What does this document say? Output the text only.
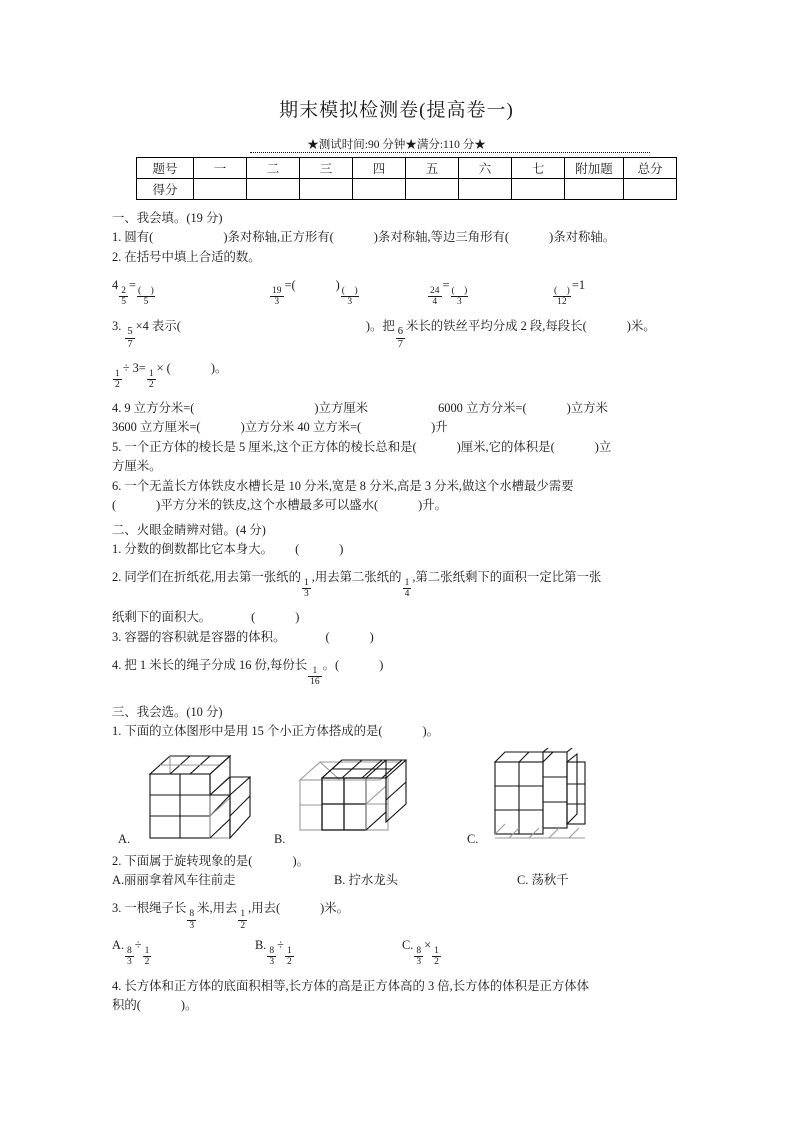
期末模拟检测卷(提高卷一)
★测试时间:90 分钟★满分:110 分★
题号	一	二	三	四	五	六	七	附加题	总分
得分									
一、我会填。(19 分)
1. 圆有(	)条对称轴,正方形有(	)条对称轴,等边三角形有(	)条对称轴。
2. 在括号中填上合适的数。
4
$\frac{2}{5}$
=
$\frac{( )}{5}$	$\frac{19}{3}$
=(	)
$\frac{( )}{3}$	$\frac{24}{4}$
=
$\frac{( )}{3}$	$\frac{( )}{12}$
=1
3.
$\frac{5}{7}$
×4 表示(	)。把
$\frac{6}{7}$
米长的铁丝平均分成 2 段,每段长(	)米。
$\frac{1}{2}$
÷ 3=
$\frac{1}{2}$
× (	)。
4. 9 立方分米=(	)立方厘米	6000 立方分米=(	)立方米
3600 立方厘米=(	)立方分米 40 立方米=(	)升
5. 一个正方体的棱长是 5 厘米,这个正方体的棱长总和是(	)厘米,它的体积是(	)立
方厘米。
6. 一个无盖长方体铁皮水槽长是 10 分米,宽是 8 分米,高是 3 分米,做这个水槽最少需要
(	)平方分米的铁皮,这个水槽最多可以盛水(	)升。
二、火眼金睛辨对错。(4 分)
1. 分数的倒数都比它本身大。 (	)
2. 同学们在折纸花,用去第一张纸的
$\frac{1}{3}$
,用去第二张纸的
$\frac{1}{4}$
,第二张纸剩下的面积一定比第一张
纸剩下的面积大。	(	)
3. 容器的容积就是容器的体积。	(	)
4. 把 1 米长的绳子分成 16 份,每份长
$\frac{1}{16}$
。(	)
三、我会选。(10 分)
1. 下面的立体图形中是用 15 个小正方体搭成的是(	)。
A.	B.	C.
2. 下面属于旋转现象的是(	)。
A.丽丽拿着风车往前走	B. 拧水龙头	C. 荡秋千
3. 一根绳子长
$\frac{8}{3}$
米,用去
$\frac{1}{2}$
,用去(	)米。
A.
$\frac{8}{3}$
÷
$\frac{1}{2}$
B.
$\frac{8}{3}$
÷
$\frac{1}{2}$
C.
$\frac{8}{3}$
×
$\frac{1}{2}$
4. 长方体和正方体的底面积相等,长方体的高是正方体高的 3 倍,长方体的体积是正方体体
积的(	)。
